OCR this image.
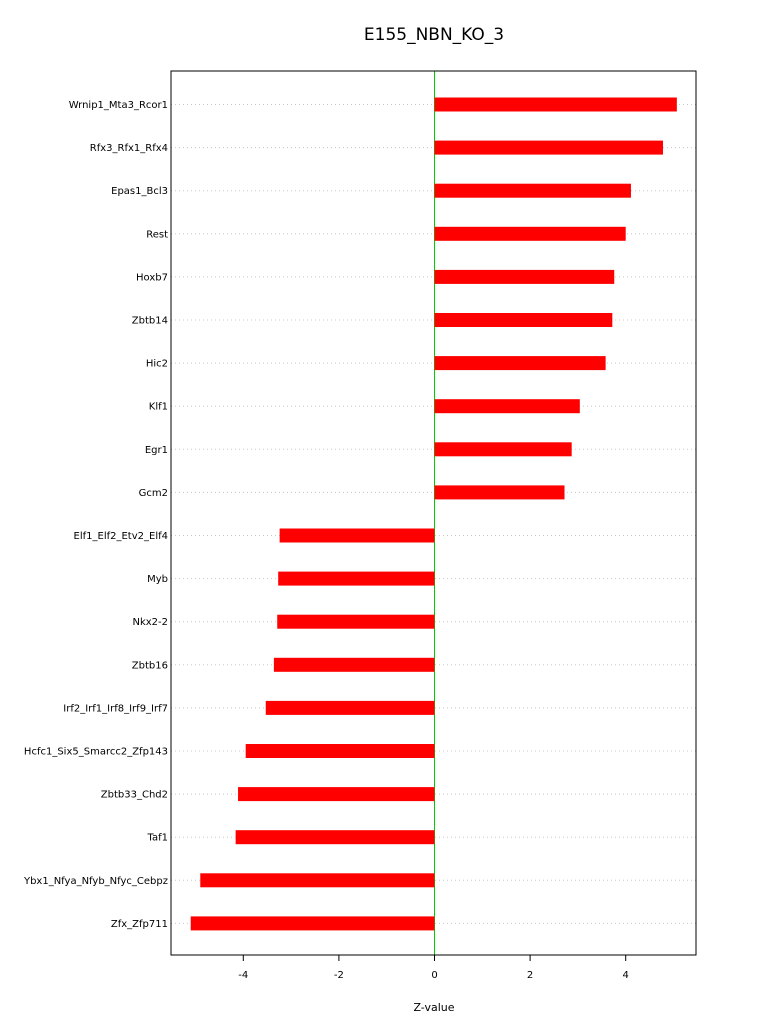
E155_NBN_KO_3
Wrnip1_Mta3_Rcor1
Rfx3_Rfx1_Rfx4
Epas1_Bcl3
Rest
Hoxb7
Zbtb14
Hic2
Klf1
Egr1
Gcm2
Elf1_Elf2_Etv2_Elf4
Myb
Nkx2-2
Zbtb16
Irf2_Irf1_Irf8_Irf9_Irf7
Hcfc1_Six5_Smarcc2_Zfp143
Zbtb33_Chd2
Taf1
Ybx1_Nfya_Nfyb_Nfyc_Cebpz
Zfx_Zfp711
-4	-2	0	2	4
Z-value
